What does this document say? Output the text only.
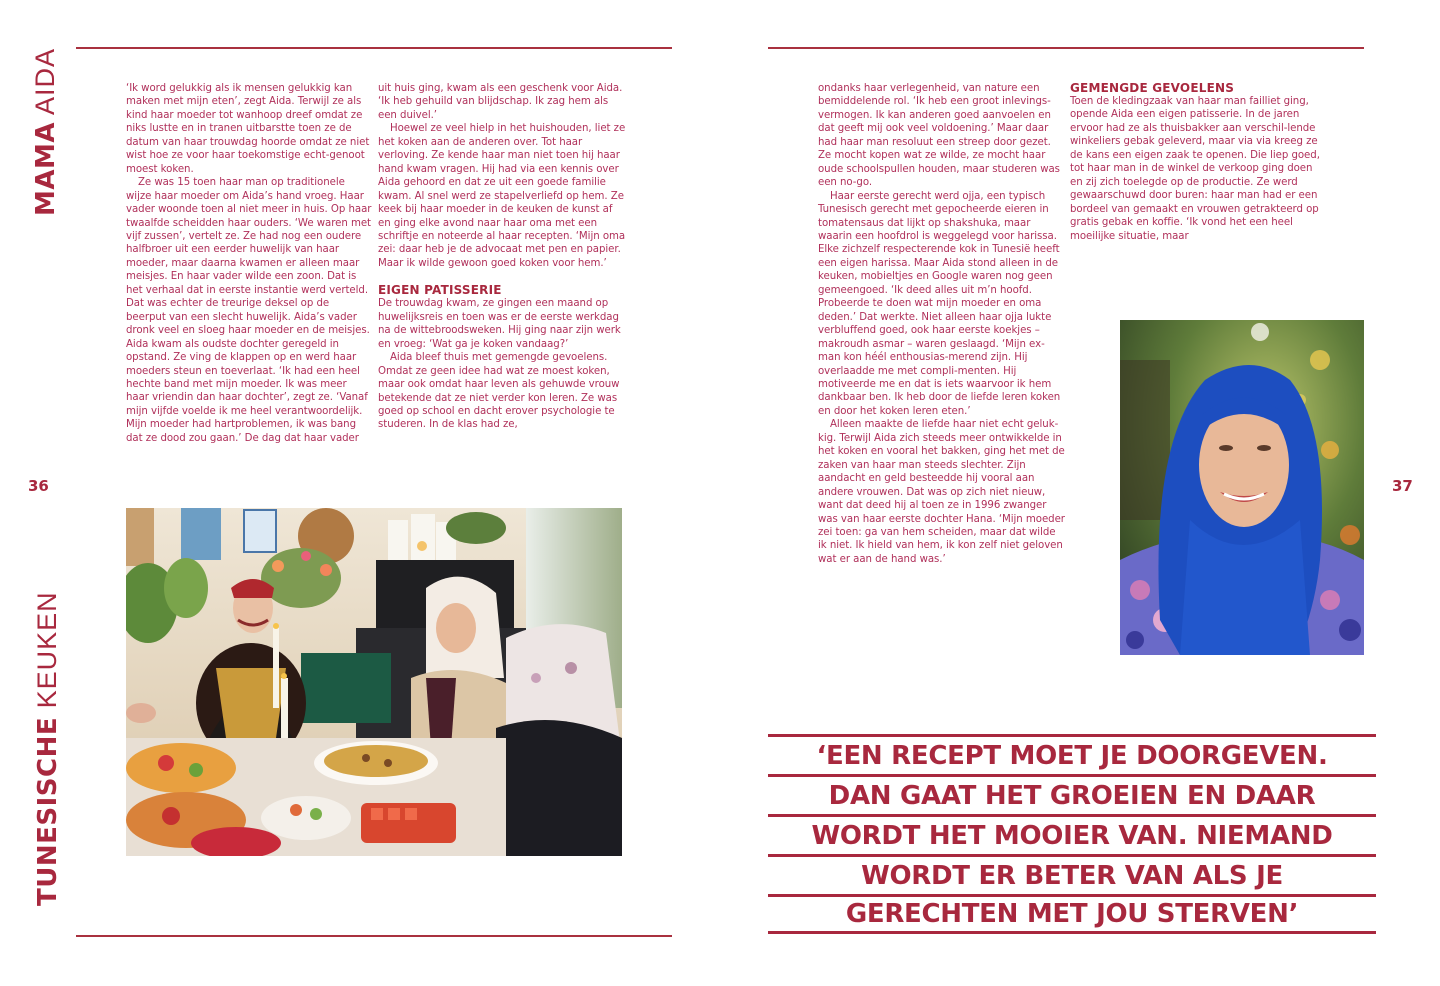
MAMA AIDA
TUNESISCHE KEUKEN
36	37

‘Ik word gelukkig als ik mensen gelukkig kan maken met mijn eten’, zegt Aida. Terwijl ze als kind haar moeder tot wanhoop dreef omdat ze niks lustte en in tranen uitbarstte toen ze de datum van haar trouwdag hoorde omdat ze niet wist hoe ze voor haar toekomstige echt-genoot moest koken.

Ze was 15 toen haar man op traditionele wijze haar moeder om Aida’s hand vroeg. Haar vader woonde toen al niet meer in huis. Op haar twaalfde scheidden haar ouders. ‘We waren met vijf zussen’, vertelt ze. Ze had nog een oudere halfbroer uit een eerder huwelijk van haar moeder, maar daarna kwamen er alleen maar meisjes. En haar vader wilde een zoon. Dat is het verhaal dat in eerste instantie werd verteld. Dat was echter de treurige deksel op de beerput van een slecht huwelijk. Aida’s vader dronk veel en sloeg haar moeder en de meisjes. Aida kwam als oudste dochter geregeld in opstand. Ze ving de klappen op en werd haar moeders steun en toeverlaat. ‘Ik had een heel hechte band met mijn moeder. Ik was meer haar vriendin dan haar dochter’, zegt ze. ‘Vanaf mijn vijfde voelde ik me heel verantwoordelijk. Mijn moeder had hartproblemen, ik was bang dat ze dood zou gaan.’ De dag dat haar vader

uit huis ging, kwam als een geschenk voor Aida. ‘Ik heb gehuild van blijdschap. Ik zag hem als een duivel.’

Hoewel ze veel hielp in het huishouden, liet ze het koken aan de anderen over. Tot haar verloving. Ze kende haar man niet toen hij haar hand kwam vragen. Hij had via een kennis over Aida gehoord en dat ze uit een goede familie kwam. Al snel werd ze stapelverliefd op hem. Ze keek bij haar moeder in de keuken de kunst af en ging elke avond naar haar oma met een schriftje en noteerde al haar recepten. ‘Mijn oma zei: daar heb je de advocaat met pen en papier. Maar ik wilde gewoon goed koken voor hem.’

EIGEN PATISSERIE

De trouwdag kwam, ze gingen een maand op huwelijksreis en toen was er de eerste werkdag na de wittebroodsweken. Hij ging naar zijn werk en vroeg: ‘Wat ga je koken vandaag?’

Aida bleef thuis met gemengde gevoelens. Omdat ze geen idee had wat ze moest koken, maar ook omdat haar leven als gehuwde vrouw betekende dat ze niet verder kon leren. Ze was goed op school en dacht erover psychologie te studeren. In de klas had ze,

ondanks haar verlegenheid, van nature een bemiddelende rol. ‘Ik heb een groot inlevings-vermogen. Ik kan anderen goed aanvoelen en dat geeft mij ook veel voldoening.’ Maar daar had haar man resoluut een streep door gezet. Ze mocht kopen wat ze wilde, ze mocht haar oude schoolspullen houden, maar studeren was een no-go.

Haar eerste gerecht werd ojja, een typisch Tunesisch gerecht met gepocheerde eieren in tomatensaus dat lijkt op shakshuka, maar waarin een hoofdrol is weggelegd voor harissa. Elke zichzelf respecterende kok in Tunesië heeft een eigen harissa. Maar Aida stond alleen in de keuken, mobieltjes en Google waren nog geen gemeengoed. ‘Ik deed alles uit m’n hoofd. Probeerde te doen wat mijn moeder en oma deden.’ Dat werkte. Niet alleen haar ojja lukte verbluffend goed, ook haar eerste koekjes – makroudh asmar – waren geslaagd. ‘Mijn ex-man kon héél enthousias-merend zijn. Hij overlaadde me met compli-menten. Hij motiveerde me en dat is iets waarvoor ik hem dankbaar ben. Ik heb door de liefde leren koken en door het koken leren eten.’

Alleen maakte de liefde haar niet echt geluk-kig. Terwijl Aida zich steeds meer ontwikkelde in het koken en vooral het bakken, ging het met de zaken van haar man steeds slechter. Zijn aandacht en geld besteedde hij vooral aan andere vrouwen. Dat was op zich niet nieuw, want dat deed hij al toen ze in 1996 zwanger was van haar eerste dochter Hana. ‘Mijn moeder zei toen: ga van hem scheiden, maar dat wilde ik niet. Ik hield van hem, ik kon zelf niet geloven wat er aan de hand was.’

GEMENGDE GEVOELENS

Toen de kledingzaak van haar man failliet ging, opende Aida een eigen patisserie. In de jaren ervoor had ze als thuisbakker aan verschil-lende winkeliers gebak geleverd, maar via via kreeg ze de kans een eigen zaak te openen. Die liep goed, tot haar man in de winkel de verkoop ging doen en zij zich toelegde op de productie. Ze werd gewaarschuwd door buren: haar man had er een bordeel van gemaakt en vrouwen getrakteerd op gratis gebak en koffie. ‘Ik vond het een heel moeilijke situatie, maar

‘EEN RECEPT MOET JE DOORGEVEN.
DAN GAAT HET GROEIEN EN DAAR
WORDT HET MOOIER VAN. NIEMAND
WORDT ER BETER VAN ALS JE
GERECHTEN MET JOU STERVEN’
